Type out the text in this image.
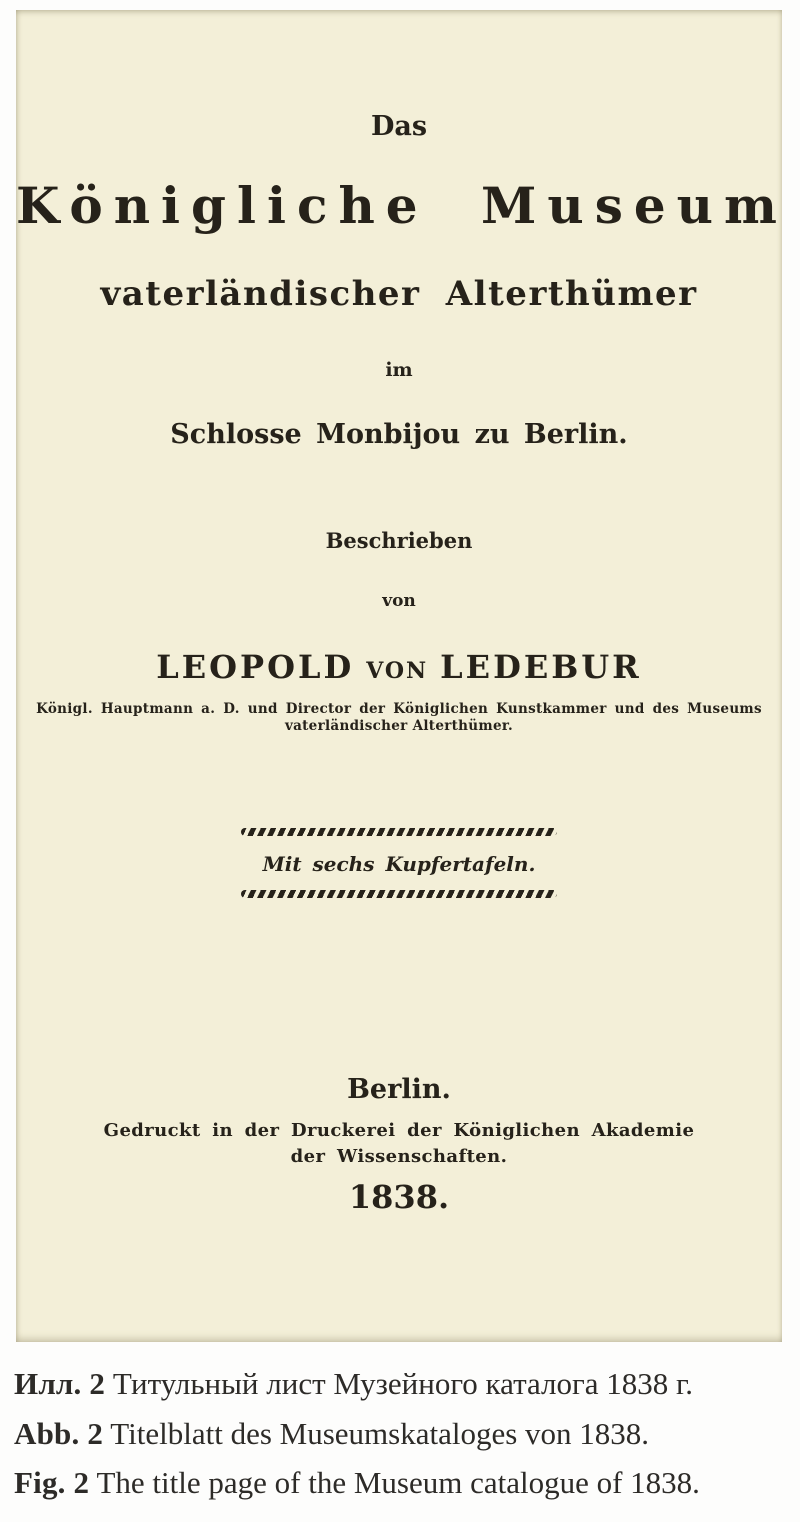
Das
Königliche Museum
vaterländischer Alterthümer
im
Schlosse Monbijou zu Berlin.
Beschrieben
von
LEOPOLD VON LEDEBUR
Königl. Hauptmann a. D. und Director der Königlichen Kunstkammer und des Museums
vaterländischer Alterthümer.
Mit sechs Kupfertafeln.
Berlin.
Gedruckt in der Druckerei der Königlichen Akademie
der Wissenschaften.
1838.

Илл. 2 Титульный лист Музейного каталога 1838 г.

Abb. 2 Titelblatt des Museumskataloges von 1838.

Fig. 2 The title page of the Museum catalogue of 1838.
